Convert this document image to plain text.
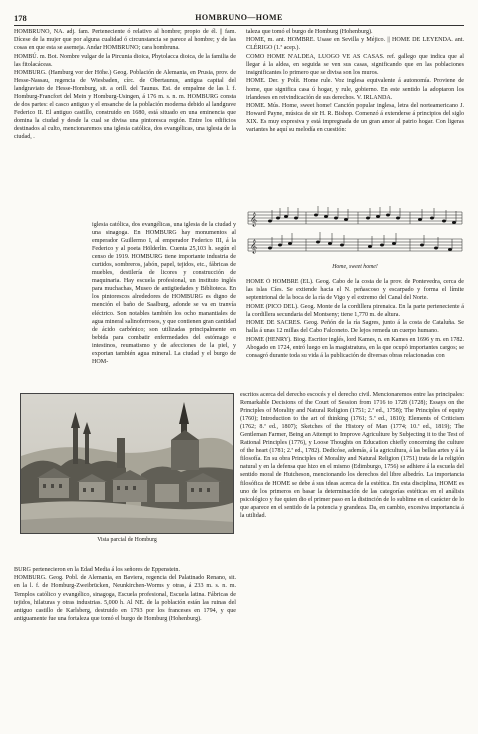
178	HOMBRUNO—HOME

HOMBRUNO, NA. adj. fam. Perteneciente ó relativo al hombre; propio de él. || fam. Dícese de la mujer que por alguna cualidad ó circunstancia se parece al hombre; y de las cosas en que esta se asemeja. Andar HOMBRUNO; cara hombruna.

HOMBÚ. m. Bot. Nombre vulgar de la Pircunia dioica, Phytolacca dioica, de la familia de las fitolacáceas.

HOMBURG. (Hamburg vor der Höhe.) Geog. Población de Alemania, en Prusia, prov. de Hesse-Nassau, regencia de Wiesbaden, círc. de Obertaunus, antigua capital del landgraviato de Hesse-Homburg, sit. a orill. del Taunus. Est. de empalme de las l. f. Homburg-Francfort del Mein y Homburg-Usingen, á 176 m. s. n. m. HOMBURG consta de dos partes: el casco antiguo y el ensanche de la población moderna debido al landgrave Federico II. El antiguo castillo, construido en 1680, está situado en una eminencia que domina la ciudad y desde la cual se divisa una pintoresca región. Entre los edificios destinados al culto, mencionaremos una iglesia católica, dos evangélicas, una iglesia de la ciudad, .

iglesia católica, dos evangélicas, una iglesia de la ciudad y una sinagoga. En HOMBURG hay monumentos al emperador Guillermo I, al emperador Federico III, á la Federico y al poeta Hölderlin. Cuenta 25,103 h. según el censo de 1919. HOMBURG tiene importante industria de curtidos, sombreros, jabón, papel, tejidos, etc., fábricas de muebles, destilería de licores y construcción de maquinaria. Hay escuela profesional, un instituto inglés para muchachas, Museo de antigüedades y Biblioteca. En los pintorescos alrededores de HOMBURG es digno de mención el baño de Saalburg, adonde se va en tranvía eléctrico. Son notables también los ocho manantiales de agua mineral salinoferrosos, y que contienen gran cantidad de ácido carbónico; son utilizadas principalmente en bebida para combatir enfermedades del estómago e intestinos, reumatismo y de afecciones de la piel, y exportan también agua mineral. La ciudad y el burgo de HOM-

Vista parcial de Homburg

BURG pertenecieron en la Edad Media á los señores de Eppenstein.

HOMBURG. Geog. Pobl. de Alemania, en Baviera, regencia del Palatinado Renano, sit. en la l. f. de Homburg-Zweibrücken, Neunkirchen-Worms y otras, á 233 m. s. n. m. Templos católico y evangélico, sinagoga, Escuela profesional, Escuela latina. Fábricas de tejidos, hilaturas y otras industrias. 5,000 h. Al NE. de la población están las ruinas del antiguo castillo de Karlsberg, destruido en 1793 por los franceses en 1794, y que antiguamente fue una fortaleza que tomó el burgo de Homburg (Hohenburg).

taleza que tomó el burgo de Homburg (Hohenburg).

HOME, m. ant. HOMBRE. Usase en Sevilla y Méjico. || HOME DE LEYENDA. ant. CLÉRIGO (1.ª acep.).

COMO HOME N'ALDEA, LUOGO VE AS CASAS. ref. gallego que indica que al llegar á la aldea, en seguida se ven sus casas, significando que en las poblaciones insignificantes lo primero que se divisa son los muros.

HOME. Der. y Polít. Home rule. Voz inglesa equivalente á autonomía. Proviene de home, que significa casa ú hogar, y rule, gobierno. En este sentido la adoptaron los irlandeses en reivindicación de sus derechos. V. IRLANDA.

HOME. Mús. Home, sweet home! Canción popular inglesa, letra del norteamericano J. Howard Payne, música de sir H. R. Bishop. Comenzó á extenderse á principios del siglo XIX. Es muy expresiva y está impregnada de un gran amor al patrio hogar. Con ligeras variantes he aquí su melodía en cuestión:

𝄞
𝄞
Home, sweet home!

HOME Ó HOMBRE (EL). Geog. Cabo de la costa de la prov. de Pontevedra, cerca de las islas Cíes. Se extiende hacia el N. peñascoso y escarpado y forma el límite septentrional de la boca de la ría de Vigo y el extremo del Canal del Norte.

HOME (PICO DEL). Geog. Monte de la cordillera pirenaica. En la parte perteneciente á la cordillera secundaria del Montseny; tiene 1,770 m. de altura.

HOME DE SACRES. Geog. Peñón de la ría Sagres, junto á la costa de Cataluña. Se halla á unas 12 millas del Cabo Falconeto. De lejos remeda un cuerpo humano.

HOME (HENRY). Biog. Escritor inglés, lord Kames, n. en Kames en 1696 y m. en 1782. Abogado en 1724, entró luego en la magistratura, en la que ocupó importantes cargos; se consagró durante toda su vida á la publicación de diversas obras relacionadas con

escritos acerca del derecho escocés y el derecho civil. Mencionaremos entre las principales: Remarkable Decisions of the Court of Session from 1716 to 1728 (1728); Essays on the Principles of Morality and Natural Religion (1751; 2.ª ed., 1758); The Principles of equity (1760); Introduction to the art of thinking (1761; 5.ª ed., 1810); Elements of Criticism (1762; 8.ª ed., 1807); Sketches of the History of Man (1774; 10.ª ed., 1819); The Gentleman Farmer, Being an Attempt to Improve Agriculture by Subjecting it to the Test of Rational Principles (1776), y Loose Thoughts on Education chiefly concerning the culture of the heart (1781; 2.ª ed., 1782). Dedicóse, además, á la agricultura, á las bellas artes y á la filosofía. En su obra Principles of Morality and Natural Religion (1751) trata de la religión natural y en la defensa que hizo en el mismo (Edimburgo, 1756) se adhiere á la escuela del sentido moral de Hutcheson, mencionando los derechos del libre albedrío. La importancia filosófica de HOME se debe á sus ideas acerca de la estética. En esta disciplina, HOME es uno de los primeros en basar la determinación de las categorías estéticas en el análisis psicológico y fue quien dio el primer paso en la distinción de lo sublime en el carácter de lo que aparece en el sentido de la potencia y grandeza. Da, en cambio, excesiva importancia á la utilidad.
